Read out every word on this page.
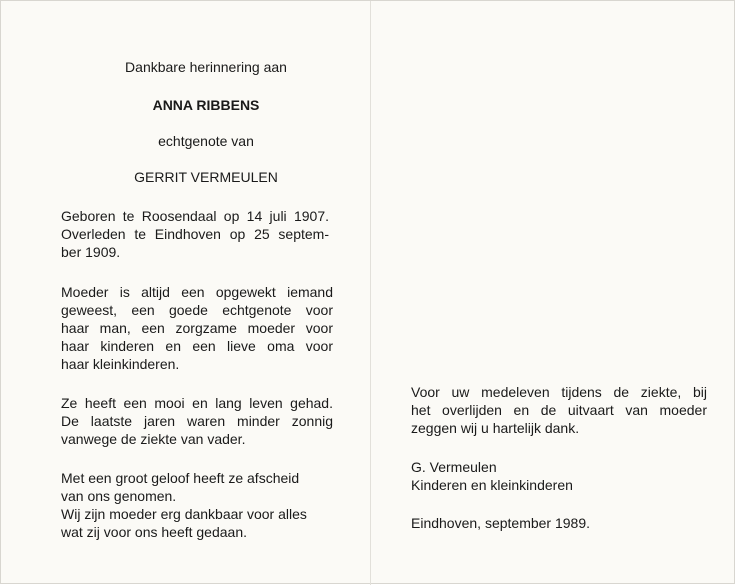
Dankbare herinnering aan
ANNA RIBBENS
echtgenote van
GERRIT VERMEULEN

Geboren te Roosendaal op 14 juli 1907.
Overleden te Eindhoven op 25 septem-
ber 1909.

Moeder is altijd een opgewekt iemand
geweest, een goede echtgenote voor
haar man, een zorgzame moeder voor
haar kinderen en een lieve oma voor
haar kleinkinderen.

Ze heeft een mooi en lang leven gehad.
De laatste jaren waren minder zonnig
vanwege de ziekte van vader.

Met een groot geloof heeft ze afscheid
van ons genomen.
Wij zijn moeder erg dankbaar voor alles
wat zij voor ons heeft gedaan.

Voor uw medeleven tijdens de ziekte, bij
het overlijden en de uitvaart van moeder
zeggen wij u hartelijk dank.

G. Vermeulen
Kinderen en kleinkinderen

Eindhoven, september 1989.
